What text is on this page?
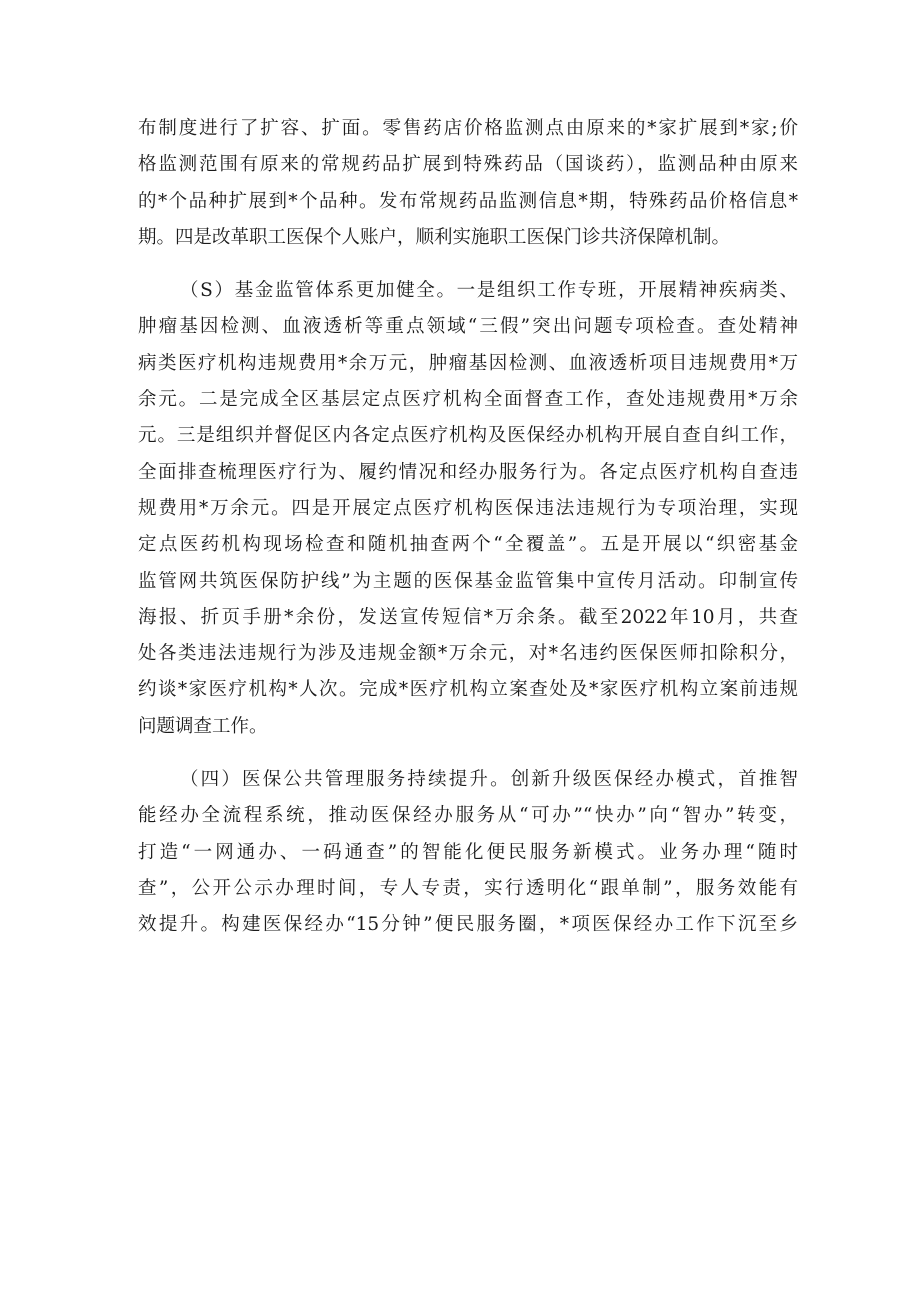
布制度进行了扩容、扩面。零售药店价格监测点由原来的*家扩展到*家;价
格监测范围有原来的常规药品扩展到特殊药品（国谈药），监测品种由原来
的*个品种扩展到*个品种。发布常规药品监测信息*期，特殊药品价格信息*
期。四是改革职工医保个人账户，顺利实施职工医保门诊共济保障机制。
（S）基金监管体系更加健全。一是组织工作专班，开展精神疾病类、
肿瘤基因检测、血液透析等重点领域“三假”突出问题专项检查。查处精神
病类医疗机构违规费用*余万元，肿瘤基因检测、血液透析项目违规费用*万
余元。二是完成全区基层定点医疗机构全面督查工作，查处违规费用*万余
元。三是组织并督促区内各定点医疗机构及医保经办机构开展自查自纠工作，
全面排查梳理医疗行为、履约情况和经办服务行为。各定点医疗机构自查违
规费用*万余元。四是开展定点医疗机构医保违法违规行为专项治理，实现
定点医药机构现场检查和随机抽查两个“全覆盖”。五是开展以“织密基金
监管网共筑医保防护线”为主题的医保基金监管集中宣传月活动。印制宣传
海报、折页手册*余份，发送宣传短信*万余条。截至2022年10月，共查
处各类违法违规行为涉及违规金额*万余元，对*名违约医保医师扣除积分，
约谈*家医疗机构*人次。完成*医疗机构立案查处及*家医疗机构立案前违规
问题调查工作。
（四）医保公共管理服务持续提升。创新升级医保经办模式，首推智
能经办全流程系统，推动医保经办服务从“可办”“快办”向“智办”转变，
打造“一网通办、一码通查”的智能化便民服务新模式。业务办理“随时
查”，公开公示办理时间，专人专责，实行透明化“跟单制”，服务效能有
效提升。构建医保经办“15分钟”便民服务圈，*项医保经办工作下沉至乡
